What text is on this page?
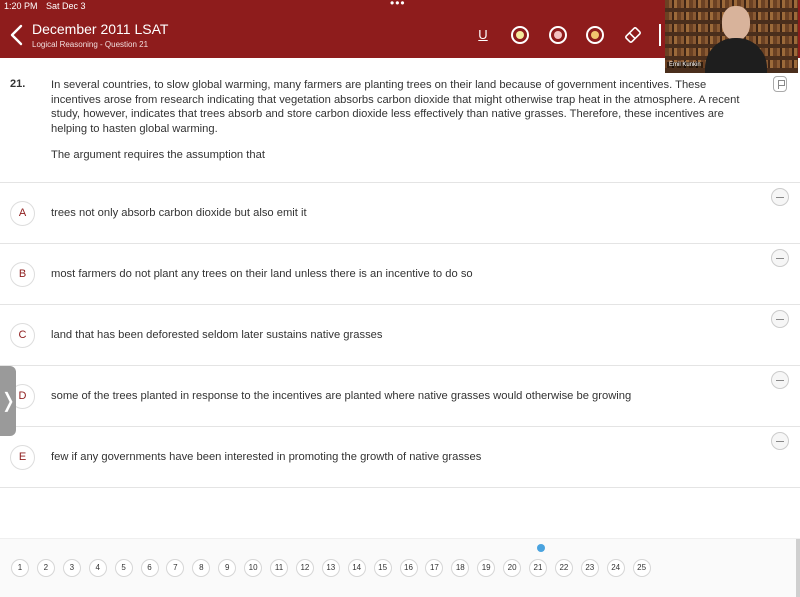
1:20 PM Sat Dec 3	•••
December 2011 LSAT
Logical Reasoning - Question 21
U
Emil Kunkin
21. In several countries, to slow global warming, many farmers are planting trees on their land because of government incentives. These incentives arose from research indicating that vegetation absorbs carbon dioxide that might otherwise trap heat in the atmosphere. A recent study, however, indicates that trees absorb and store carbon dioxide less effectively than native grasses. Therefore, these incentives are helping to hasten global warming.
The argument requires the assumption that
A	trees not only absorb carbon dioxide but also emit it
B	most farmers do not plant any trees on their land unless there is an incentive to do so
C	land that has been deforested seldom later sustains native grasses
D	some of the trees planted in response to the incentives are planted where native grasses would otherwise be growing
E	few if any governments have been interested in promoting the growth of native grasses
❭
1	2	3	4	5	6	7	8	9	10	11	12	13	14	15	16	17	18	19	20	21	22	23	24	25
